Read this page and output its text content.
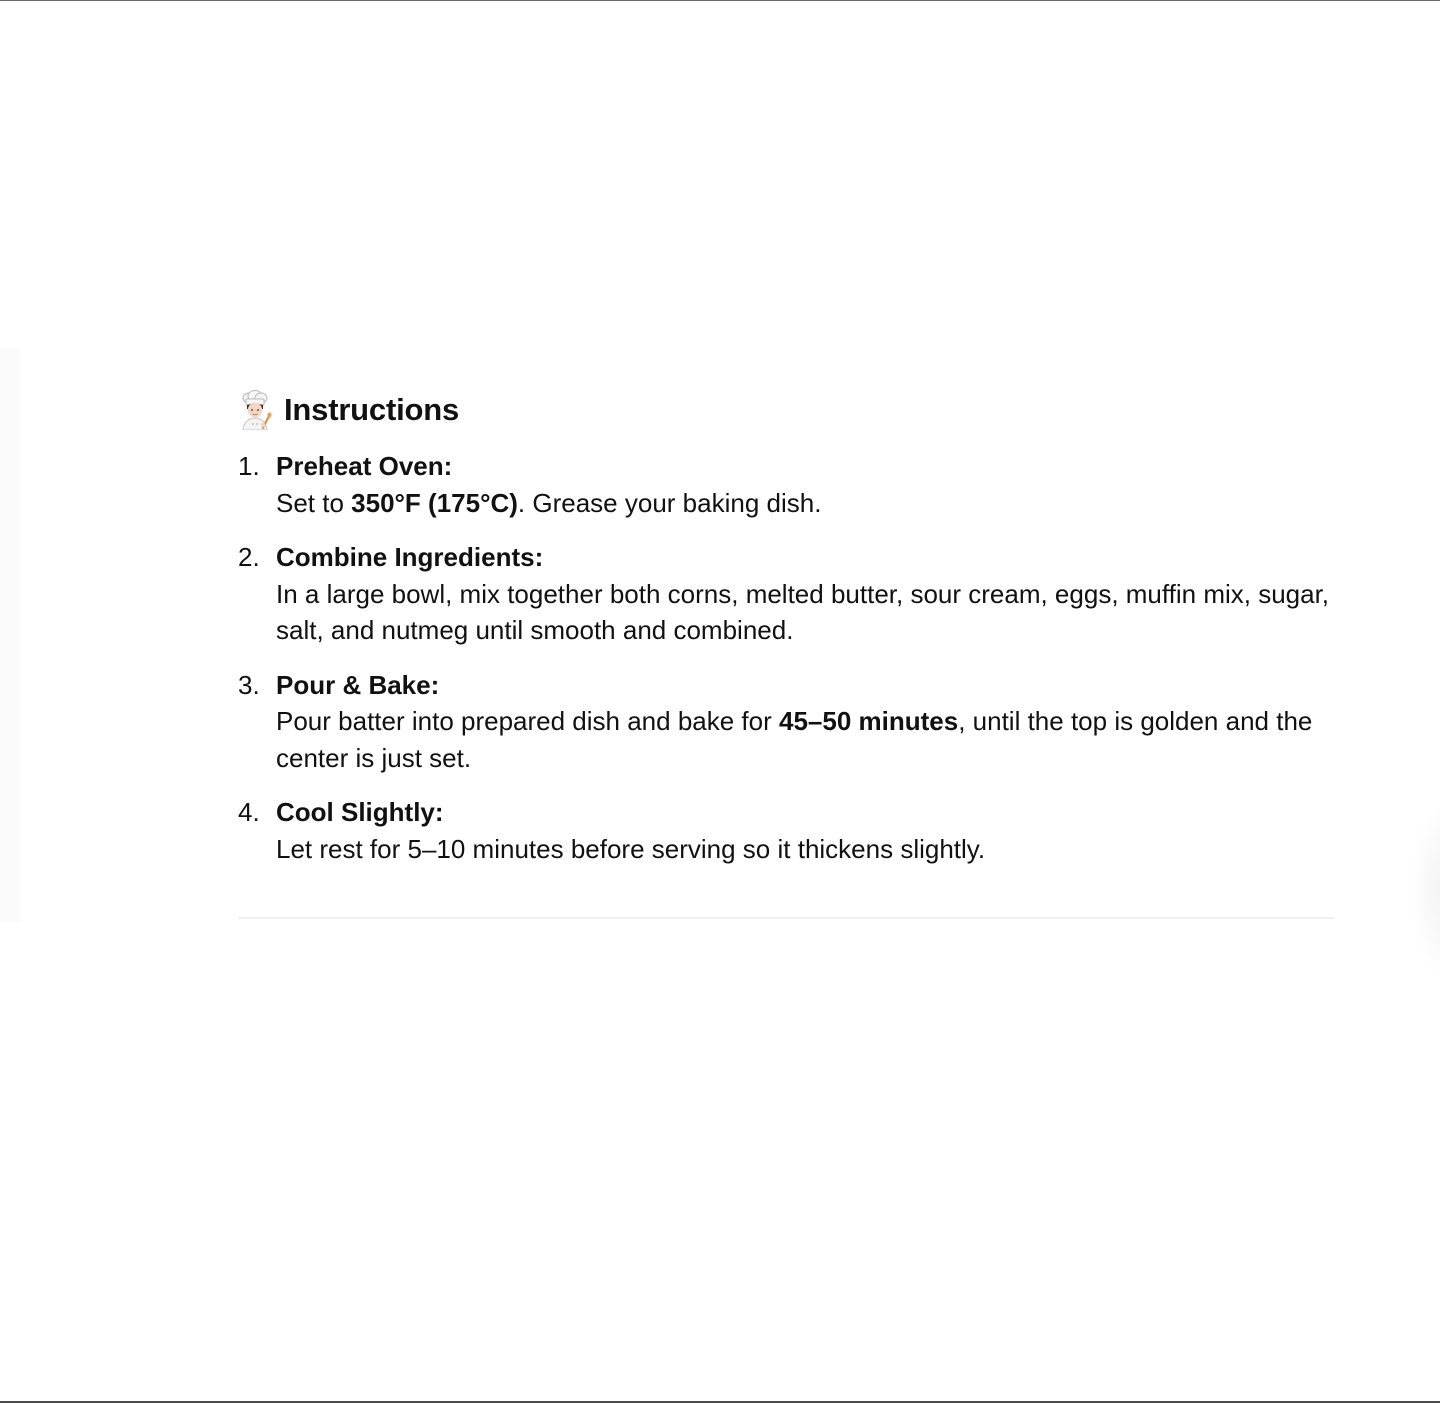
Instructions
1. Preheat Oven:
Set to 350°F (175°C). Grease your baking dish.
2. Combine Ingredients:
In a large bowl, mix together both corns, melted butter, sour cream, eggs, muffin mix, sugar, salt, and nutmeg until smooth and combined.
3. Pour & Bake:
Pour batter into prepared dish and bake for 45–50 minutes, until the top is golden and the center is just set.
4. Cool Slightly:
Let rest for 5–10 minutes before serving so it thickens slightly.
